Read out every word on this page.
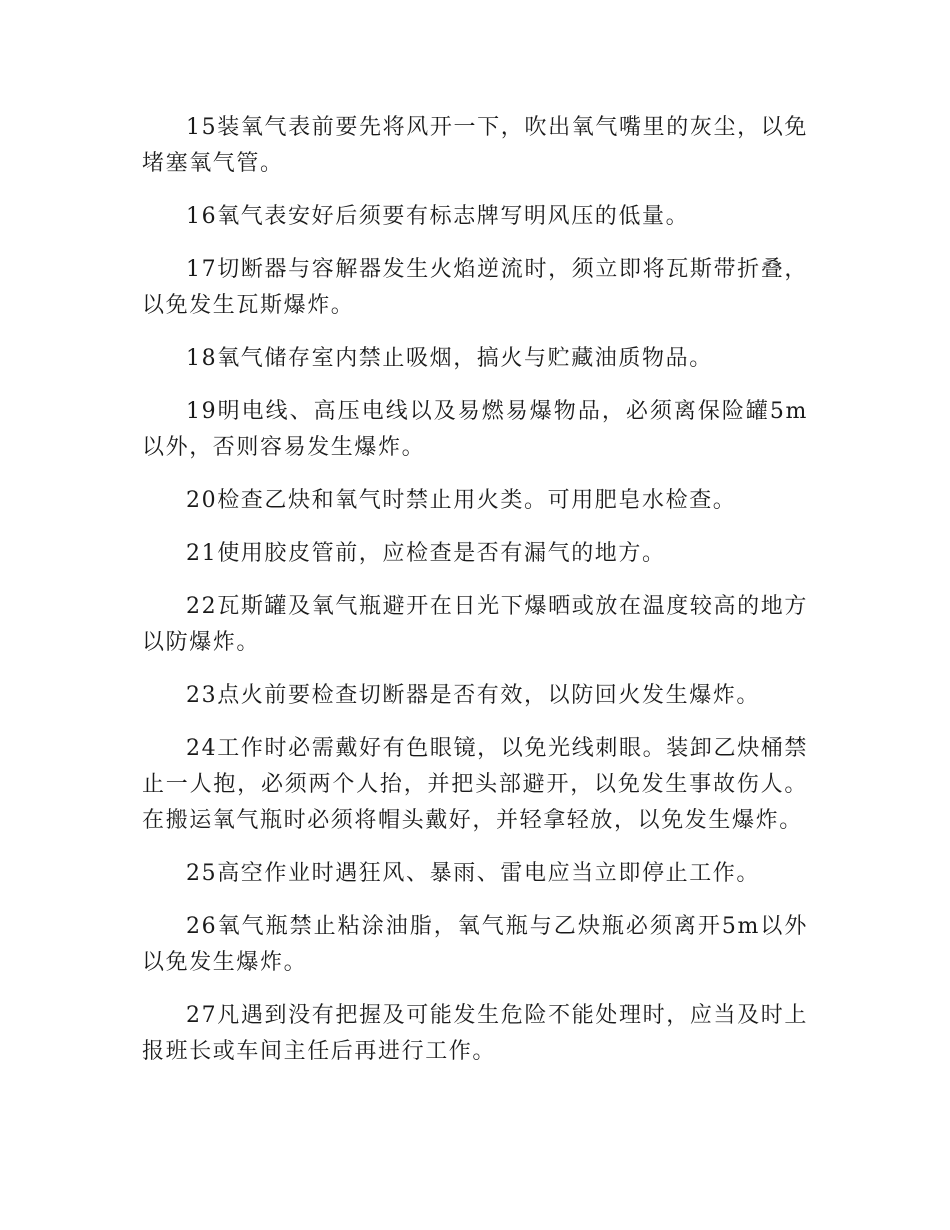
15装氧气表前要先将风开一下，吹出氧气嘴里的灰尘，以免堵塞氧气管。

16氧气表安好后须要有标志牌写明风压的低量。

17切断器与容解器发生火焰逆流时，须立即将瓦斯带折叠，以免发生瓦斯爆炸。

18氧气储存室内禁止吸烟，搞火与贮藏油质物品。

19明电线、高压电线以及易燃易爆物品，必须离保险罐5m以外，否则容易发生爆炸。

20检查乙炔和氧气时禁止用火类。可用肥皂水检查。

21使用胶皮管前，应检查是否有漏气的地方。

22瓦斯罐及氧气瓶避开在日光下爆晒或放在温度较高的地方以防爆炸。

23点火前要检查切断器是否有效，以防回火发生爆炸。

24工作时必需戴好有色眼镜，以免光线刺眼。装卸乙炔桶禁止一人抱，必须两个人抬，并把头部避开，以免发生事故伤人。在搬运氧气瓶时必须将帽头戴好，并轻拿轻放，以免发生爆炸。

25高空作业时遇狂风、暴雨、雷电应当立即停止工作。

26氧气瓶禁止粘涂油脂，氧气瓶与乙炔瓶必须离开5m以外以免发生爆炸。

27凡遇到没有把握及可能发生危险不能处理时，应当及时上报班长或车间主任后再进行工作。
